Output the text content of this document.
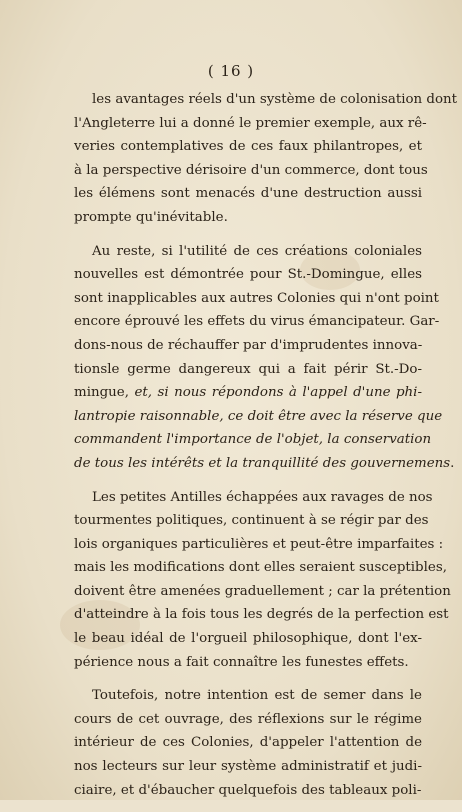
( 16 )
les avantages réels d'un système de colonisation dont
l'Angleterre lui a donné le premier exemple, aux rê-
veries contemplatives de ces faux philantropes, et
à la perspective dérisoire d'un commerce, dont tous
les élémens sont menacés d'une destruction aussi
prompte qu'inévitable.
Au reste, si l'utilité de ces créations coloniales
nouvelles est démontrée pour St.-Domingue, elles
sont inapplicables aux autres Colonies qui n'ont point
encore éprouvé les effets du virus émancipateur. Gar-
dons-nous de réchauffer par d'imprudentes innova-
tionsle germe dangereux qui a fait périr St.-Do-
mingue, et, si nous répondons à l'appel d'une phi-
lantropie raisonnable, ce doit être avec la réserve que
commandent l'importance de l'objet, la conservation
de tous les intérêts et la tranquillité des gouvernemens.
Les petites Antilles échappées aux ravages de nos
tourmentes politiques, continuent à se régir par des
lois organiques particulières et peut-être imparfaites :
mais les modifications dont elles seraient susceptibles,
doivent être amenées graduellement ; car la prétention
d'atteindre à la fois tous les degrés de la perfection est
le beau idéal de l'orgueil philosophique, dont l'ex-
périence nous a fait connaître les funestes effets.
Toutefois, notre intention est de semer dans le
cours de cet ouvrage, des réflexions sur le régime
intérieur de ces Colonies, d'appeler l'attention de
nos lecteurs sur leur système administratif et judi-
ciaire, et d'ébaucher quelquefois des tableaux poli-
